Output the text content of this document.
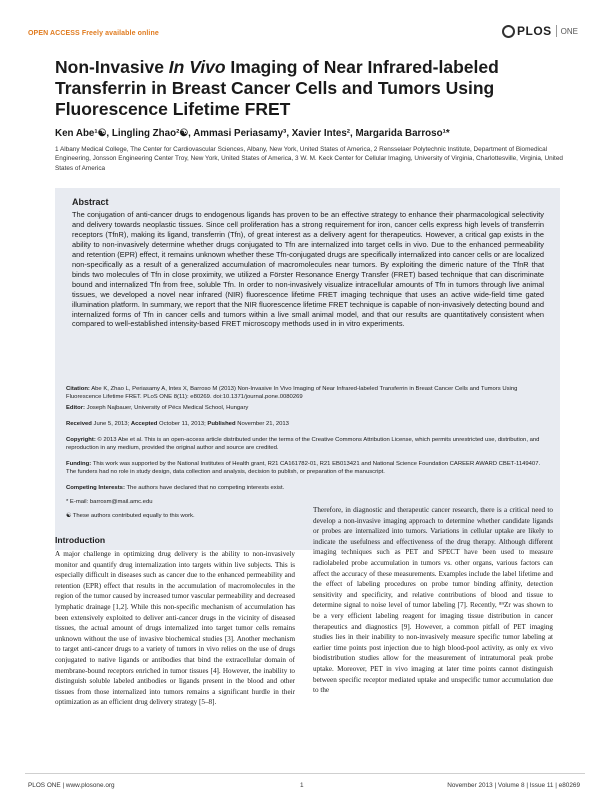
OPEN ACCESS Freely available online	PLOS ONE
Non-Invasive In Vivo Imaging of Near Infrared-labeled Transferrin in Breast Cancer Cells and Tumors Using Fluorescence Lifetime FRET
Ken Abe¹☯, Lingling Zhao²☯, Ammasi Periasamy³, Xavier Intes², Margarida Barroso¹*
1 Albany Medical College, The Center for Cardiovascular Sciences, Albany, New York, United States of America, 2 Rensselaer Polytechnic Institute, Department of Biomedical Engineering, Jonsson Engineering Center Troy, New York, United States of America, 3 W. M. Keck Center for Cellular Imaging, University of Virginia, Charlottesville, Virginia, United States of America
Abstract
The conjugation of anti-cancer drugs to endogenous ligands has proven to be an effective strategy to enhance their pharmacological selectivity and delivery towards neoplastic tissues. Since cell proliferation has a strong requirement for iron, cancer cells express high levels of transferrin receptors (TfnR), making its ligand, transferrin (Tfn), of great interest as a delivery agent for therapeutics. However, a critical gap exists in the ability to non-invasively determine whether drugs conjugated to Tfn are internalized into target cells in vivo. Due to the enhanced permeability and retention (EPR) effect, it remains unknown whether these Tfn-conjugated drugs are specifically internalized into cancer cells or are localized non-specifically as a result of a generalized accumulation of macromolecules near tumors. By exploiting the dimeric nature of the TfnR that binds two molecules of Tfn in close proximity, we utilized a Förster Resonance Energy Transfer (FRET) based technique that can discriminate bound and internalized Tfn from free, soluble Tfn. In order to non-invasively visualize intracellular amounts of Tfn in tumors through live animal tissues, we developed a novel near infrared (NIR) fluorescence lifetime FRET imaging technique that uses an active wide-field time gated illumination platform. In summary, we report that the NIR fluorescence lifetime FRET technique is capable of non-invasively detecting bound and internalized forms of Tfn in cancer cells and tumors within a live small animal model, and that our results are quantitatively consistent when compared to well-established intensity-based FRET microscopy methods used in in vitro experiments.
Citation: Abe K, Zhao L, Periasamy A, Intes X, Barroso M (2013) Non-Invasive In Vivo Imaging of Near Infrared-labeled Transferrin in Breast Cancer Cells and Tumors Using Fluorescence Lifetime FRET. PLoS ONE 8(11): e80269. doi:10.1371/journal.pone.0080269
Editor: Joseph Najbauer, University of Pécs Medical School, Hungary
Received June 5, 2013; Accepted October 11, 2013; Published November 21, 2013
Copyright: © 2013 Abe et al. This is an open-access article distributed under the terms of the Creative Commons Attribution License, which permits unrestricted use, distribution, and reproduction in any medium, provided the original author and source are credited.
Funding: This work was supported by the National Institutes of Health grant, R21 CA161782-01, R21 EB013421 and National Science Foundation CAREER AWARD CBET-1149407. The funders had no role in study design, data collection and analysis, decision to publish, or preparation of the manuscript.
Competing Interests: The authors have declared that no competing interests exist.
* E-mail: barrosm@mail.amc.edu
☯ These authors contributed equally to this work.
Introduction
A major challenge in optimizing drug delivery is the ability to non-invasively monitor and quantify drug internalization into targets within live subjects. This is especially difficult in diseases such as cancer due to the enhanced permeability and retention (EPR) effect that results in the accumulation of macromolecules in the region of the tumor caused by increased tumor vascular permeability and decreased lymphatic drainage [1,2]. While this non-specific mechanism of accumulation has been extensively exploited to deliver anti-cancer drugs in the vicinity of diseased tissues, the actual amount of drugs internalized into target tumor cells remains unknown without the use of invasive biochemical studies [3]. Another mechanism to target anti-cancer drugs to a variety of tumors in vivo relies on the use of drugs conjugated to native ligands or antibodies that bind the extracellular domain of membrane-bound receptors enriched in tumor tissues [4]. However, the inability to distinguish soluble labeled antibodies or ligands present in the blood and other tissues from those internalized into tumors remains a significant hurdle in their optimization as an efficient drug delivery strategy [5–8].
Therefore, in diagnostic and therapeutic cancer research, there is a critical need to develop a non-invasive imaging approach to determine whether candidate ligands or probes are internalized into tumors. Variations in cellular uptake are likely to indicate the usefulness and effectiveness of the drug therapy. Although different imaging techniques such as PET and SPECT have been used to measure radiolabeled probe accumulation in tumors vs. other organs, various factors can affect the accuracy of these measurements. Examples include the label lifetime and the effect of labeling procedures on probe tumor binding affinity, detection sensitivity and specificity, and relative contributions of blood and tissue to determine signal to noise level of tumor labeling [7]. Recently, ⁸⁹Zr was shown to be a very efficient labeling reagent for imaging tissue distribution in cancer therapeutics and diagnostics [9]. However, a common pitfall of PET imaging studies lies in their inability to non-invasively measure specific tumor labeling at earlier time points post injection due to high blood-pool activity, as only ex vivo biodistribution studies allow for the measurement of intratumoral peak probe uptake. Moreover, PET in vivo imaging at later time points cannot distinguish between specific receptor mediated uptake and unspecific tumor accumulation due to the
PLOS ONE | www.plosone.org	1	November 2013 | Volume 8 | Issue 11 | e80269
